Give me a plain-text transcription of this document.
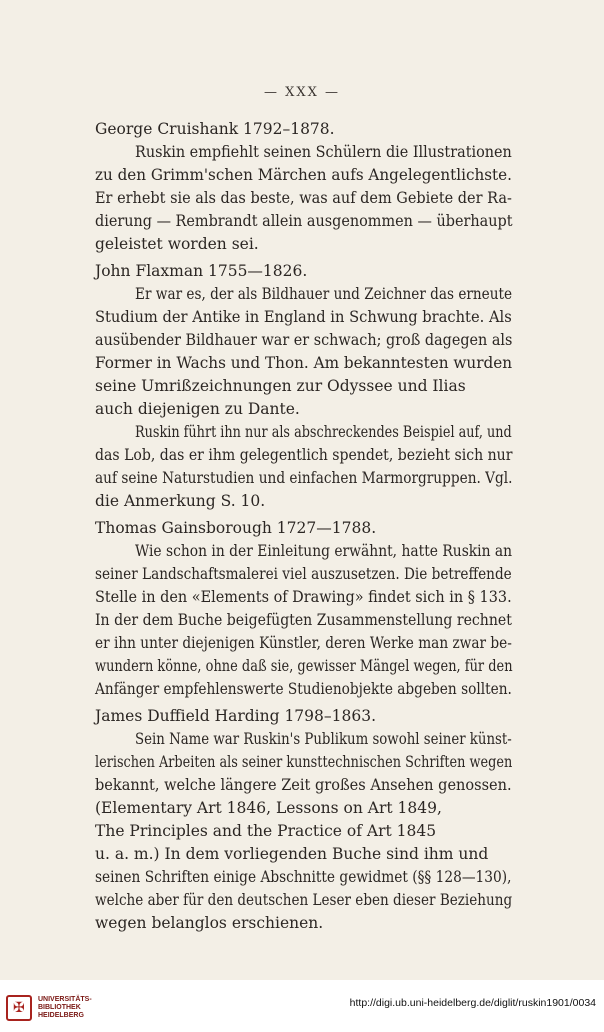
— XXX —
George Cruishank 1792–1878.
Ruskin empfiehlt seinen Schülern die Illustrationen
zu den Grimm'schen Märchen aufs Angelegentlichste.
Er erhebt sie als das beste, was auf dem Gebiete der Ra-
dierung — Rembrandt allein ausgenommen — überhaupt
geleistet worden sei.
John Flaxman 1755—1826.
Er war es, der als Bildhauer und Zeichner das erneute
Studium der Antike in England in Schwung brachte. Als
ausübender Bildhauer war er schwach; groß dagegen als
Former in Wachs und Thon. Am bekanntesten wurden
seine Umrißzeichnungen zur Odyssee und Ilias
auch diejenigen zu Dante.
Ruskin führt ihn nur als abschreckendes Beispiel auf, und
das Lob, das er ihm gelegentlich spendet, bezieht sich nur
auf seine Naturstudien und einfachen Marmorgruppen. Vgl.
die Anmerkung S. 10.
Thomas Gainsborough 1727—1788.
Wie schon in der Einleitung erwähnt, hatte Ruskin an
seiner Landschaftsmalerei viel auszusetzen. Die betreffende
Stelle in den «Elements of Drawing» findet sich in § 133.
In der dem Buche beigefügten Zusammenstellung rechnet
er ihn unter diejenigen Künstler, deren Werke man zwar be-
wundern könne, ohne daß sie, gewisser Mängel wegen, für den
Anfänger empfehlenswerte Studienobjekte abgeben sollten.
James Duffield Harding 1798–1863.
Sein Name war Ruskin's Publikum sowohl seiner künst-
lerischen Arbeiten als seiner kunsttechnischen Schriften wegen
bekannt, welche längere Zeit großes Ansehen genossen.
(Elementary Art 1846, Lessons on Art 1849,
The Principles and the Practice of Art 1845
u. a. m.) In dem vorliegenden Buche sind ihm und
seinen Schriften einige Abschnitte gewidmet (§§ 128—130),
welche aber für den deutschen Leser eben dieser Beziehung
wegen belanglos erschienen.
✠
UNIVERSITÄTS- BIBLIOTHEK HEIDELBERG
http://digi.ub.uni-heidelberg.de/diglit/ruskin1901/0034
